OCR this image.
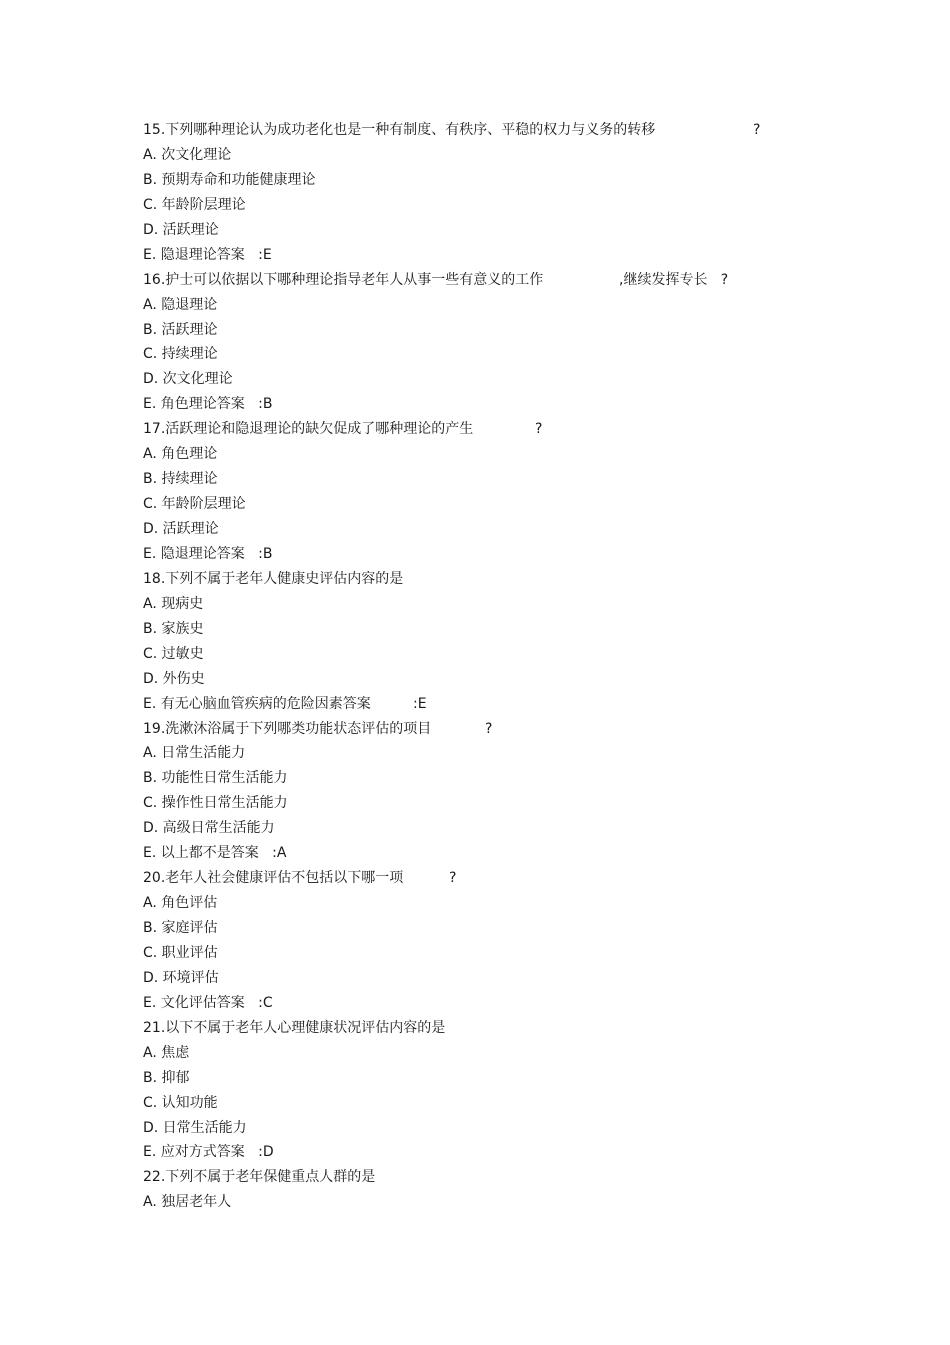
15.下列哪种理论认为成功老化也是一种有制度、有秩序、平稳的权力与义务的转移	?
A. 次文化理论
B. 预期寿命和功能健康理论
C. 年龄阶层理论
D. 活跃理论
E. 隐退理论答案   :E
16.护士可以依据以下哪种理论指导老年人从事一些有意义的工作	,继续发挥专长   ?
A. 隐退理论
B. 活跃理论
C. 持续理论
D. 次文化理论
E. 角色理论答案   :B
17.活跃理论和隐退理论的缺欠促成了哪种理论的产生	?
A. 角色理论
B. 持续理论
C. 年龄阶层理论
D. 活跃理论
E. 隐退理论答案   :B
18.下列不属于老年人健康史评估内容的是
A. 现病史
B. 家族史
C. 过敏史
D. 外伤史
E. 有无心脑血管疾病的危险因素答案	:E
19.洗漱沐浴属于下列哪类功能状态评估的项目	?
A. 日常生活能力
B. 功能性日常生活能力
C. 操作性日常生活能力
D. 高级日常生活能力
E. 以上都不是答案   :A
20.老年人社会健康评估不包括以下哪一项	?
A. 角色评估
B. 家庭评估
C. 职业评估
D. 环境评估
E. 文化评估答案   :C
21.以下不属于老年人心理健康状况评估内容的是
A. 焦虑
B. 抑郁
C. 认知功能
D. 日常生活能力
E. 应对方式答案   :D
22.下列不属于老年保健重点人群的是
A. 独居老年人
